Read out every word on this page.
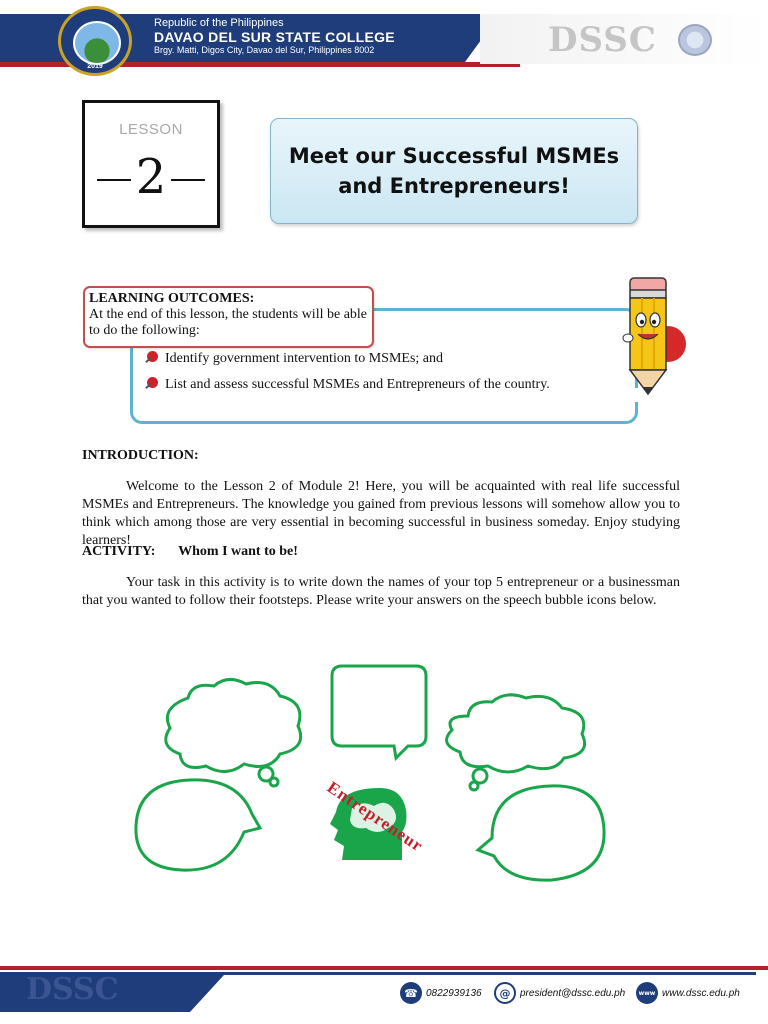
2019
Republic of the Philippines
DAVAO DEL SUR STATE COLLEGE
Brgy. Matti, Digos City, Davao del Sur, Philippines 8002	DSSC
LESSON
2	Meet our Successful MSMEs
and Entrepreneurs!
LEARNING OUTCOMES:
At the end of this lesson, the students will be able to do the following:
Identify government intervention to MSMEs; and
List and assess successful MSMEs and Entrepreneurs of the country.
INTRODUCTION:
Welcome to the Lesson 2 of Module 2! Here, you will be acquainted with real life successful MSMEs and Entrepreneurs. The knowledge you gained from previous lessons will somehow allow you to think which among those are very essential in becoming successful in business someday. Enjoy studying learners!
ACTIVITY: Whom I want to be!
Your task in this activity is to write down the names of your top 5 entrepreneur or a businessman that you wanted to follow their footsteps. Please write your answers on the speech bubble icons below.
Entrepreneur
DSSC	☎ 0822939136	@ president@dssc.edu.ph	www www.dssc.edu.ph
